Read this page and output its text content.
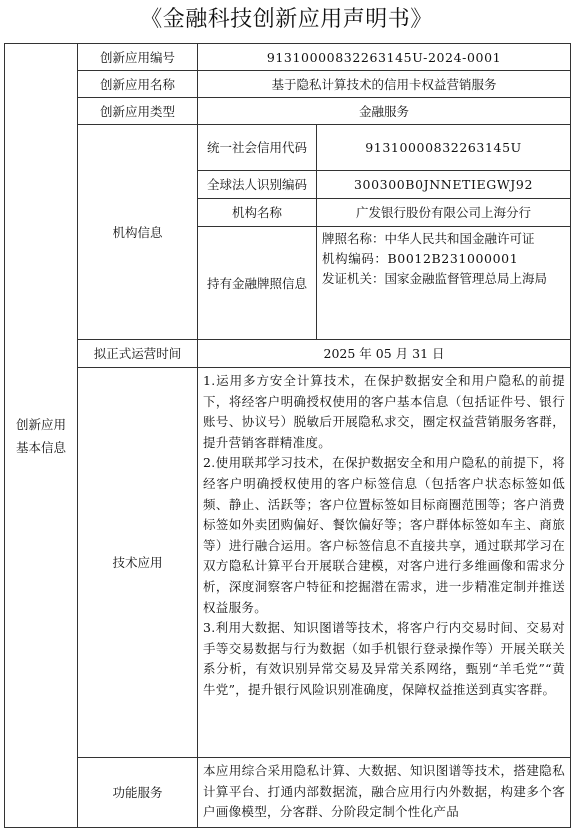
《金融科技创新应用声明书》
创新应用
基本信息	创新应用编号	91310000832263145U-2024-0001	
	创新应用名称	基于隐私计算技术的信用卡权益营销服务	
	创新应用类型	金融服务	
	机构信息	统一社会信用代码	91310000832263145U
		全球法人识别编码	300300B0JNNETIEGWJ92
		机构名称	广发银行股份有限公司上海分行
		持有金融牌照信息	牌照名称：中华人民共和国金融许可证
机构编码：B0012B231000001
发证机关：国家金融监督管理总局上海局

	拟正式运营时间	2025 年 05 月 31 日	
	技术应用	1.运用多方安全计算技术，在保护数据安全和用户隐私的前提下，将经客户明确授权使用的客户基本信息（包括证件号、银行账号、协议号）脱敏后开展隐私求交，圈定权益营销服务客群，提升营销客群精准度。
2.使用联邦学习技术，在保护数据安全和用户隐私的前提下，将经客户明确授权使用的客户标签信息（包括客户状态标签如低频、静止、活跃等；客户位置标签如目标商圈范围等；客户消费标签如外卖团购偏好、餐饮偏好等；客户群体标签如车主、商旅等）进行融合运用。客户标签信息不直接共享，通过联邦学习在双方隐私计算平台开展联合建模，对客户进行多维画像和需求分析，深度洞察客户特征和挖掘潜在需求，进一步精准定制并推送权益服务。
3.利用大数据、知识图谱等技术，将客户行内交易时间、交易对手等交易数据与行为数据（如手机银行登录操作等）开展关联关系分析，有效识别异常交易及异常关系网络，甄别“羊毛党”“黄牛党”，提升银行风险识别准确度，保障权益推送到真实客群。	

	功能服务	本应用综合采用隐私计算、大数据、知识图谱等技术，搭建隐私计算平台、打通内部数据流，融合应用行内外数据，构建多个客户画像模型，分客群、分阶段定制个性化产品	
